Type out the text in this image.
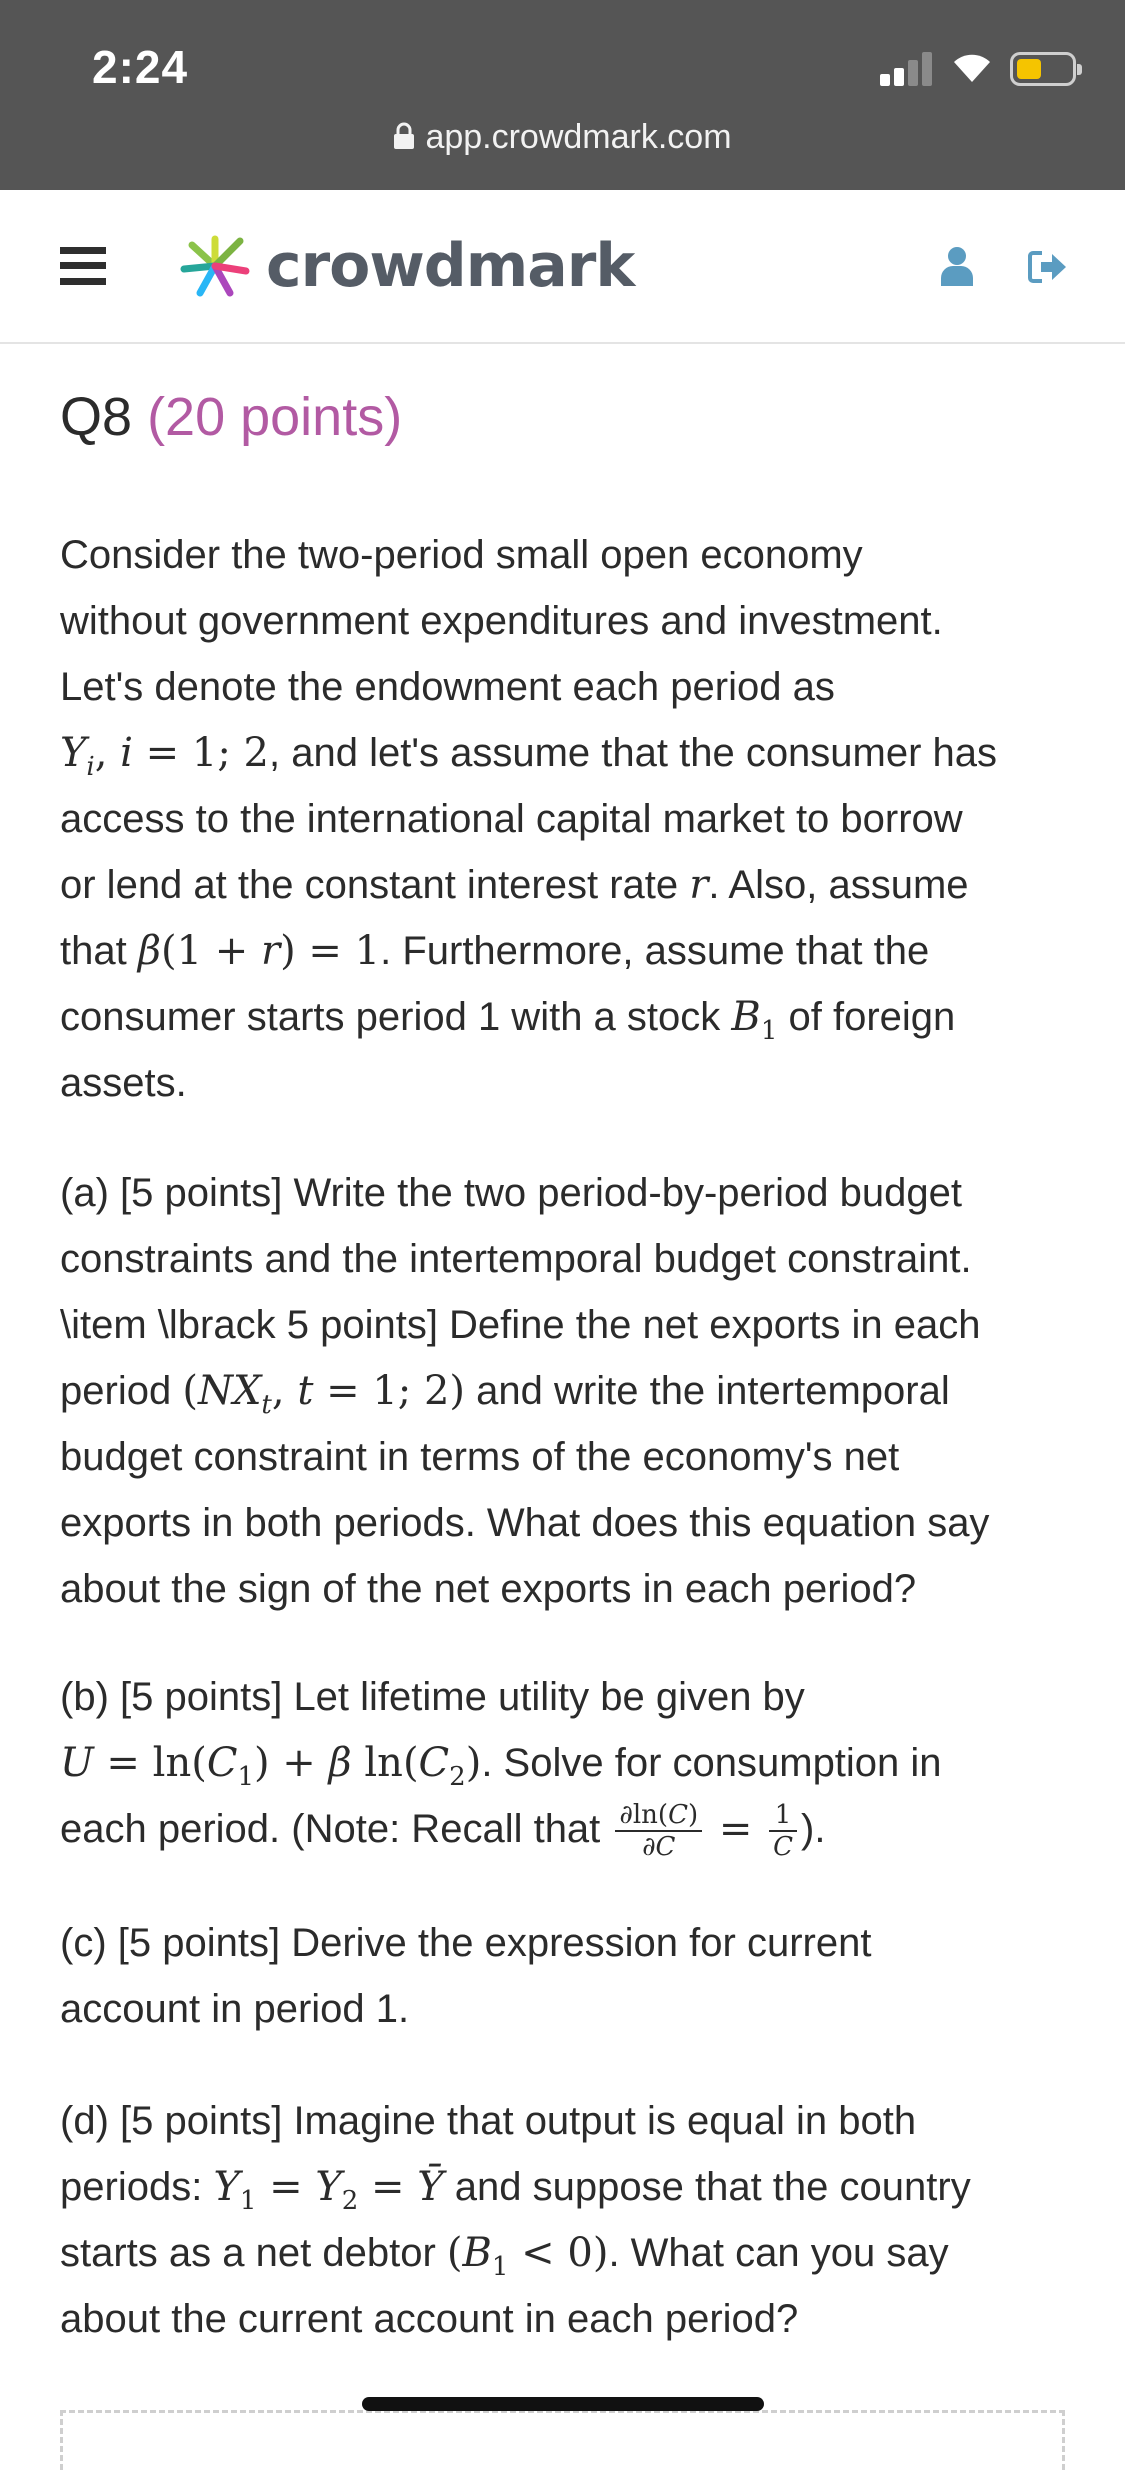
2:24
app.crowdmark.com
crowdmark
Q8 (20 points)
Consider the two-period small open economy
without government expenditures and investment.
Let's denote the endowment each period as
$Y_i$, i = 1; 2, and let's assume that the consumer has
access to the international capital market to borrow
or lend at the constant interest rate r. Also, assume
that β(1 + r) = 1. Furthermore, assume that the
consumer starts period 1 with a stock $B_1$ of foreign
assets.
(a) [5 points] Write the two period-by-period budget
constraints and the intertemporal budget constraint.
\item \lbrack 5 points] Define the net exports in each
period ($NX_t$, t = 1; 2) and write the intertemporal
budget constraint in terms of the economy's net
exports in both periods. What does this equation say
about the sign of the net exports in each period?
(b) [5 points] Let lifetime utility be given by
$U = \ln(C_1) + \beta$ $\ln(C_2)$. Solve for consumption in
each period. (Note: Recall that $\frac{\partial\ln(C)}{\partial C} = \frac{1}{C}$ ).
(c) [5 points] Derive the expression for current
account in period 1.
(d) [5 points] Imagine that output is equal in both
periods: $Y_1 = Y_2$ = Ȳ and suppose that the country
starts as a net debtor $(B_1 < 0)$. What can you say
about the current account in each period?
